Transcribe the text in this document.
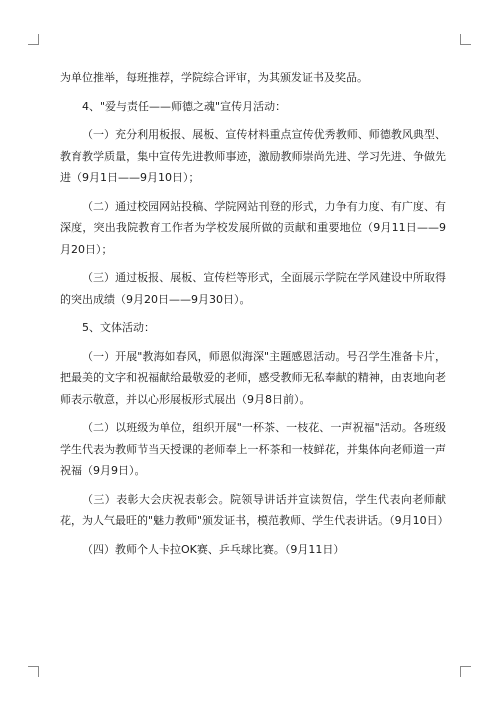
为单位推举，每班推荐，学院综合评审，为其颁发证书及奖品。

4、"爱与责任——师德之魂"宣传月活动：

（一）充分利用板报、展板、宣传材料重点宣传优秀教师、师德教风典型、教育教学质量，集中宣传先进教师事迹，激励教师崇尚先进、学习先进、争做先进（9月1日——9月10日）；

（二）通过校园网站投稿、学院网站刊登的形式，力争有力度、有广度、有深度，突出我院教育工作者为学校发展所做的贡献和重要地位（9月11日——9月20日）；

（三）通过板报、展板、宣传栏等形式，全面展示学院在学风建设中所取得的突出成绩（9月20日——9月30日）。

5、文体活动：

（一）开展"教海如春风，师恩似海深"主题感恩活动。号召学生准备卡片，把最美的文字和祝福献给最敬爱的老师，感受教师无私奉献的精神，由衷地向老师表示敬意，并以心形展板形式展出（9月8日前）。

（二）以班级为单位，组织开展"一杯茶、一枝花、一声祝福"活动。各班级学生代表为教师节当天授课的老师奉上一杯茶和一枝鲜花，并集体向老师道一声祝福（9月9日）。

（三）表彰大会庆祝表彰会。院领导讲话并宣读贺信，学生代表向老师献花，为人气最旺的"魅力教师"颁发证书，模范教师、学生代表讲话。（9月10日）

（四）教师个人卡拉OK赛、乒乓球比赛。（9月11日）
